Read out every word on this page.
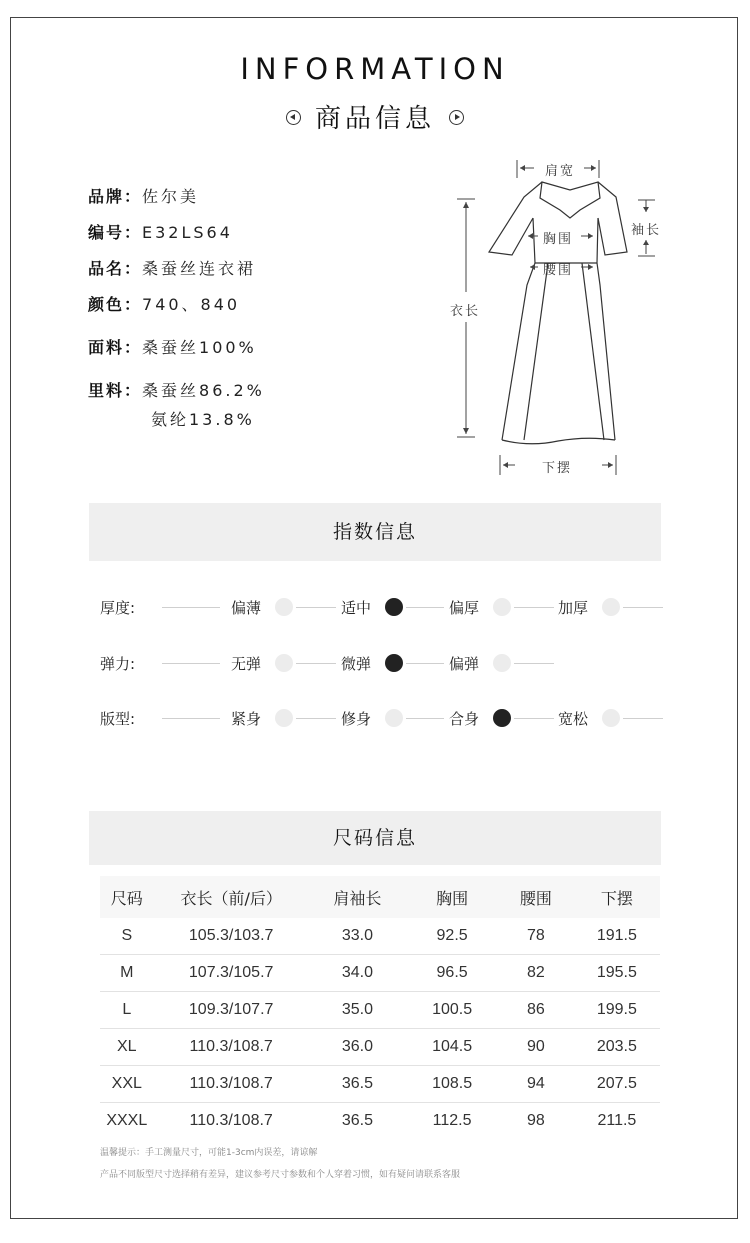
INFORMATION
商品信息
品牌：佐尔美
编号：E32LS64
品名：桑蚕丝连衣裙
颜色：740、840
面料：桑蚕丝100%
里料：桑蚕丝86.2%
氨纶13.8%
肩宽
袖长
胸围
腰围
衣长
下摆
指数信息
厚度:	偏薄	适中	偏厚	加厚
弹力:	无弹	微弹	偏弹
版型:	紧身	修身	合身	宽松
尺码信息
尺码	衣长（前/后）	肩袖长	胸围	腰围	下摆
S	105.3/103.7	33.0	92.5	78	191.5
M	107.3/105.7	34.0	96.5	82	195.5
L	109.3/107.7	35.0	100.5	86	199.5
XL	110.3/108.7	36.0	104.5	90	203.5
XXL	110.3/108.7	36.5	108.5	94	207.5
XXXL	110.3/108.7	36.5	112.5	98	211.5
温馨提示：手工测量尺寸，可能1-3cm内误差，请谅解
产品不同版型尺寸选择稍有差异，建议参考尺寸参数和个人穿着习惯，如有疑问请联系客服
